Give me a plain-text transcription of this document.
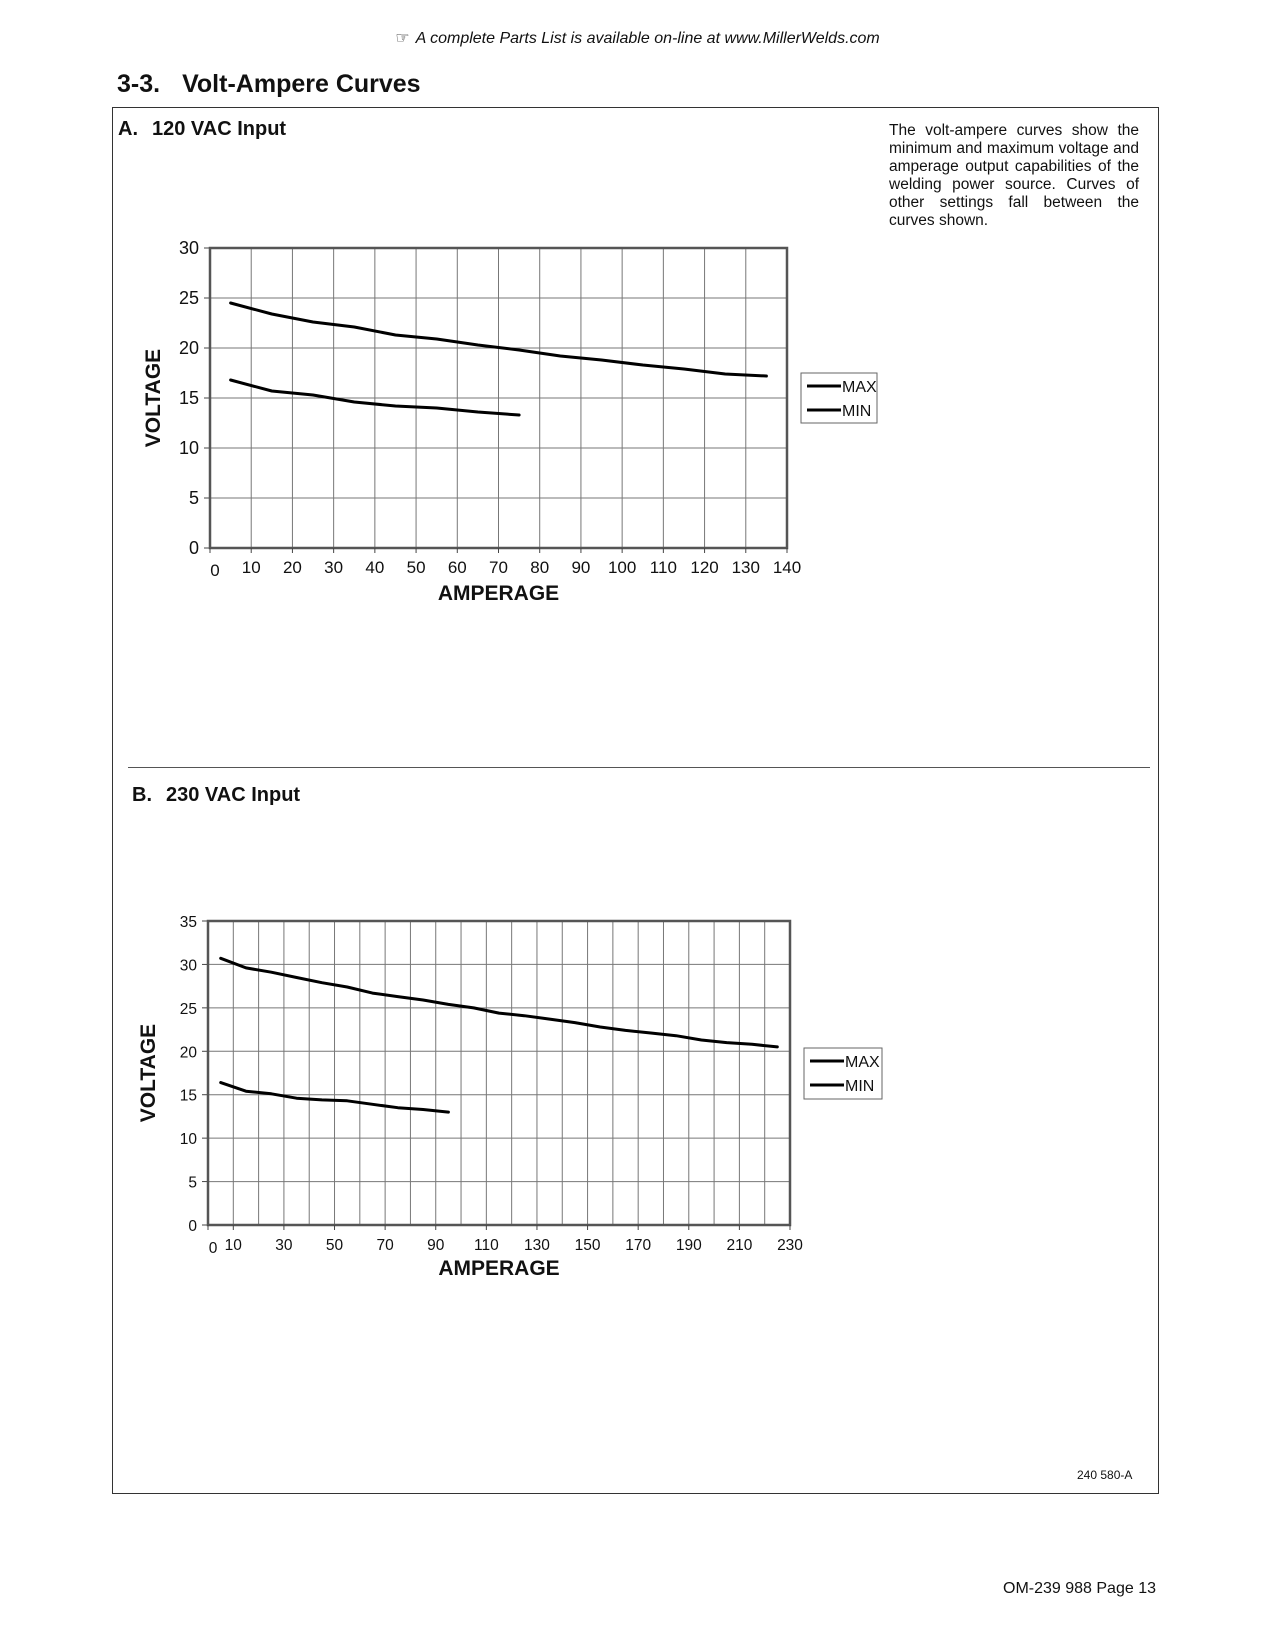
☞ A complete Parts List is available on-line at www.MillerWelds.com
3-3. Volt-Ampere Curves
A. 120 VAC Input	The volt-ampere curves show the minimum and maximum voltage and amperage output capabilities of the welding power source. Curves of other settings fall between the curves shown.
B. 230 VAC Input
0
5
10
15
20
25
30
0 10 20 30 40 50 60 70 80 90 100 110 120 130 140
AMPERAGE
VOLTAGE	MAX
MIN
0
5
10
15
20
25
30
35
0 10 30 50 70 90 110 130 150 170 190 210 230
AMPERAGE
VOLTAGE	MAX
MIN
240 580-A
OM-239 988 Page 13
